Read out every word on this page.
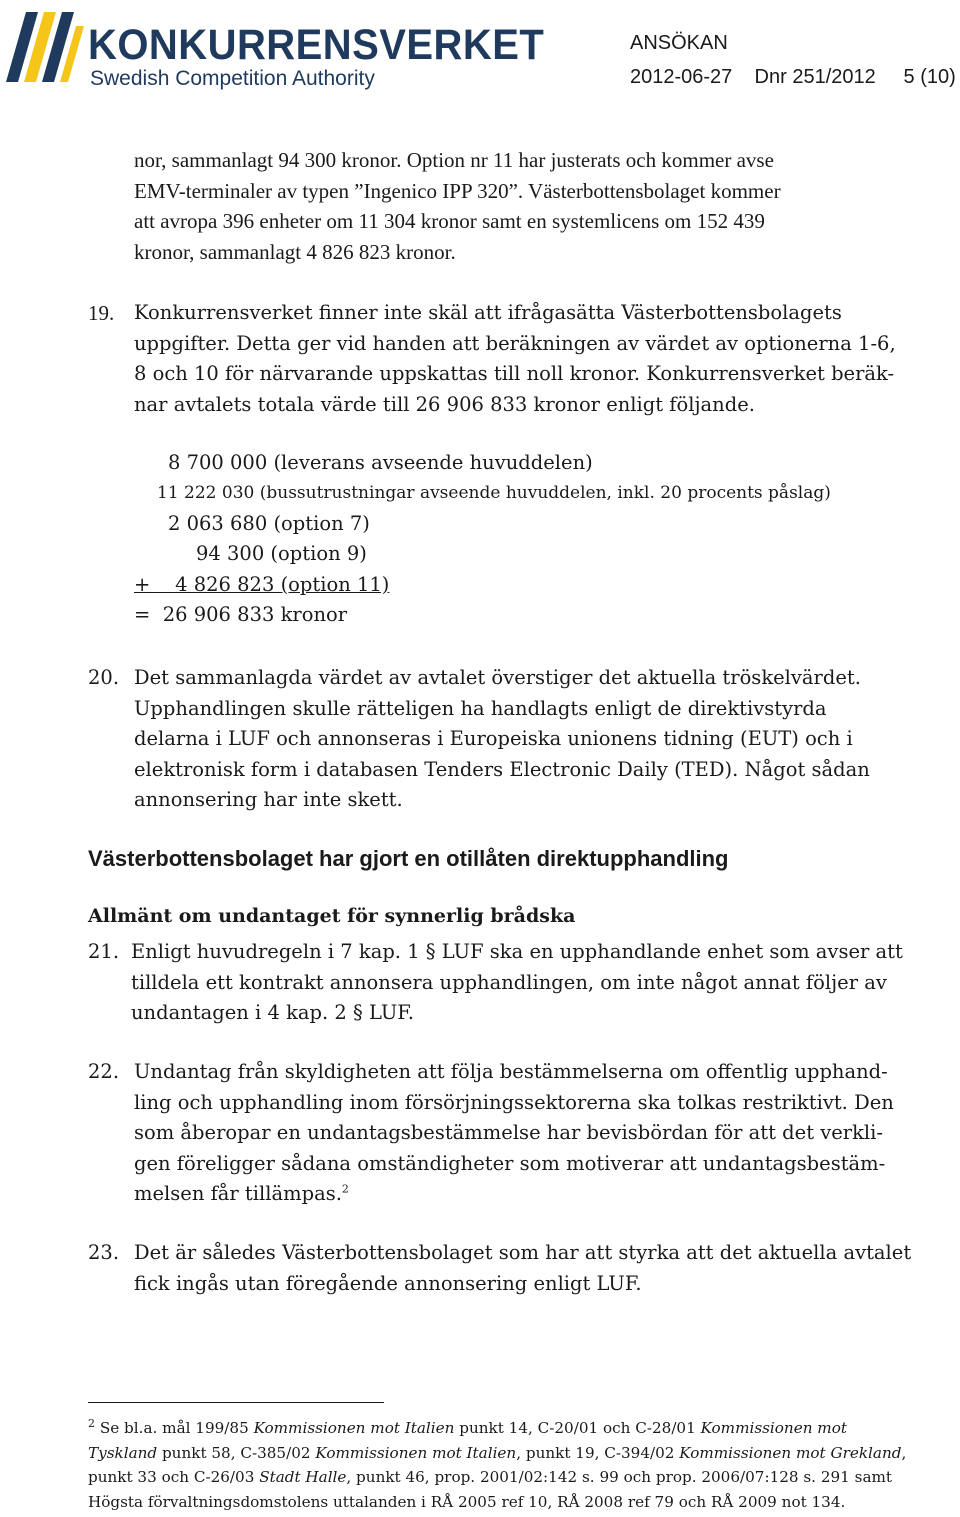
KONKURRENSVERKET
Swedish Competition Authority
ANSÖKAN
2012-06-27 Dnr 251/2012 5 (10)
nor, sammanlagt 94 300 kronor. Option nr 11 har justerats och kommer avse
EMV-terminaler av typen ”Ingenico IPP 320”. Västerbottensbolaget kommer
att avropa 396 enheter om 11 304 kronor samt en systemlicens om 152 439
kronor, sammanlagt 4 826 823 kronor.
19. Konkurrensverket finner inte skäl att ifrågasätta Västerbottensbolagets
uppgifter. Detta ger vid handen att beräkningen av värdet av optionerna 1-6,
8 och 10 för närvarande uppskattas till noll kronor. Konkurrensverket beräk-
nar avtalets totala värde till 26 906 833 kronor enligt följande.
8 700 000 (leverans avseende huvuddelen)
11 222 030 (bussutrustningar avseende huvuddelen, inkl. 20 procents påslag)
2 063 680 (option 7)
94 300 (option 9)
+    4 826 823 (option 11)
=  26 906 833 kronor
20. Det sammanlagda värdet av avtalet överstiger det aktuella tröskelvärdet.
Upphandlingen skulle rätteligen ha handlagts enligt de direktivstyrda
delarna i LUF och annonseras i Europeiska unionens tidning (EUT) och i
elektronisk form i databasen Tenders Electronic Daily (TED). Något sådan
annonsering har inte skett.
Västerbottensbolaget har gjort en otillåten direktupphandling
Allmänt om undantaget för synnerlig brådska
21. Enligt huvudregeln i 7 kap. 1 § LUF ska en upphandlande enhet som avser att
tilldela ett kontrakt annonsera upphandlingen, om inte något annat följer av
undantagen i 4 kap. 2 § LUF.
22. Undantag från skyldigheten att följa bestämmelserna om offentlig upphand-
ling och upphandling inom försörjningssektorerna ska tolkas restriktivt. Den
som åberopar en undantagsbestämmelse har bevisbördan för att det verkli-
gen föreligger sådana omständigheter som motiverar att undantagsbestäm-
melsen får tillämpas.$^2$
23. Det är således Västerbottensbolaget som har att styrka att det aktuella avtalet
fick ingås utan föregående annonsering enligt LUF.
$^2$ Se bl.a. mål 199/85 Kommissionen mot Italien punkt 14, C-20/01 och C-28/01 Kommissionen mot
Tyskland punkt 58, C-385/02 Kommissionen mot Italien, punkt 19, C-394/02 Kommissionen mot Grekland,
punkt 33 och C-26/03 Stadt Halle, punkt 46, prop. 2001/02:142 s. 99 och prop. 2006/07:128 s. 291 samt
Högsta förvaltningsdomstolens uttalanden i RÅ 2005 ref 10, RÅ 2008 ref 79 och RÅ 2009 not 134.
